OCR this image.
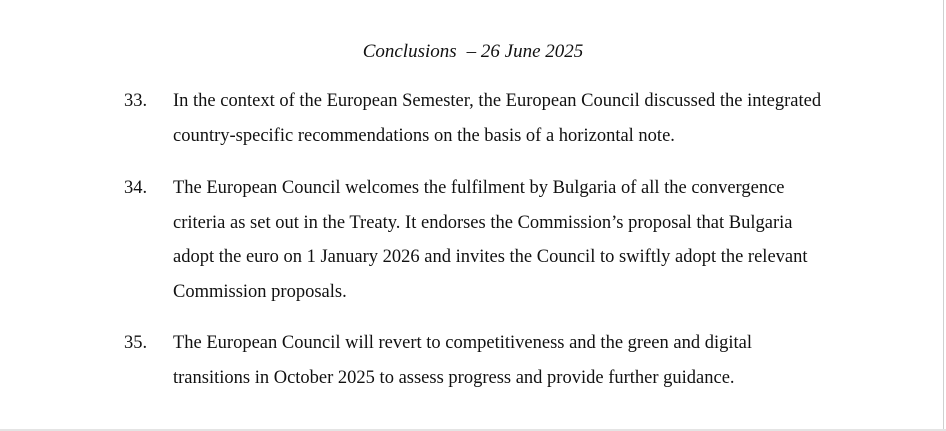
Conclusions – 26 June 2025
33. In the context of the European Semester, the European Council discussed the integrated
country-specific recommendations on the basis of a horizontal note.
34. The European Council welcomes the fulfilment by Bulgaria of all the convergence
criteria as set out in the Treaty. It endorses the Commission’s proposal that Bulgaria
adopt the euro on 1 January 2026 and invites the Council to swiftly adopt the relevant
Commission proposals.
35. The European Council will revert to competitiveness and the green and digital
transitions in October 2025 to assess progress and provide further guidance.
